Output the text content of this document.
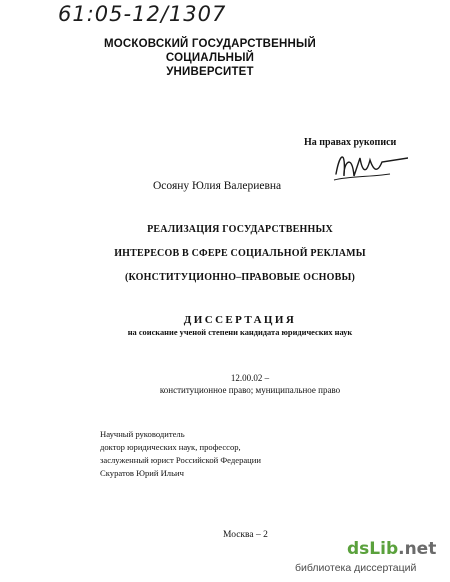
61:05-12/1307

МОСКОВСКИЙ ГОСУДАРСТВЕННЫЙ СОЦИАЛЬНЫЙ
УНИВЕРСИТЕТ

На правах рукописи

Осояну Юлия Валериевна

РЕАЛИЗАЦИЯ ГОСУДАРСТВЕННЫХ

ИНТЕРЕСОВ В СФЕРЕ СОЦИАЛЬНОЙ РЕКЛАМЫ

(КОНСТИТУЦИОННО–ПРАВОВЫЕ ОСНОВЫ)

ДИССЕРТАЦИЯ

на соискание ученой степени кандидата юридических наук

12.00.02 –

конституционное право; муниципальное право

Научный руководитель

доктор юридических наук, профессор,

заслуженный юрист Российской Федерации

Скуратов Юрий Ильич

Москва – 2

dsLib.net

библиотека диссертаций
